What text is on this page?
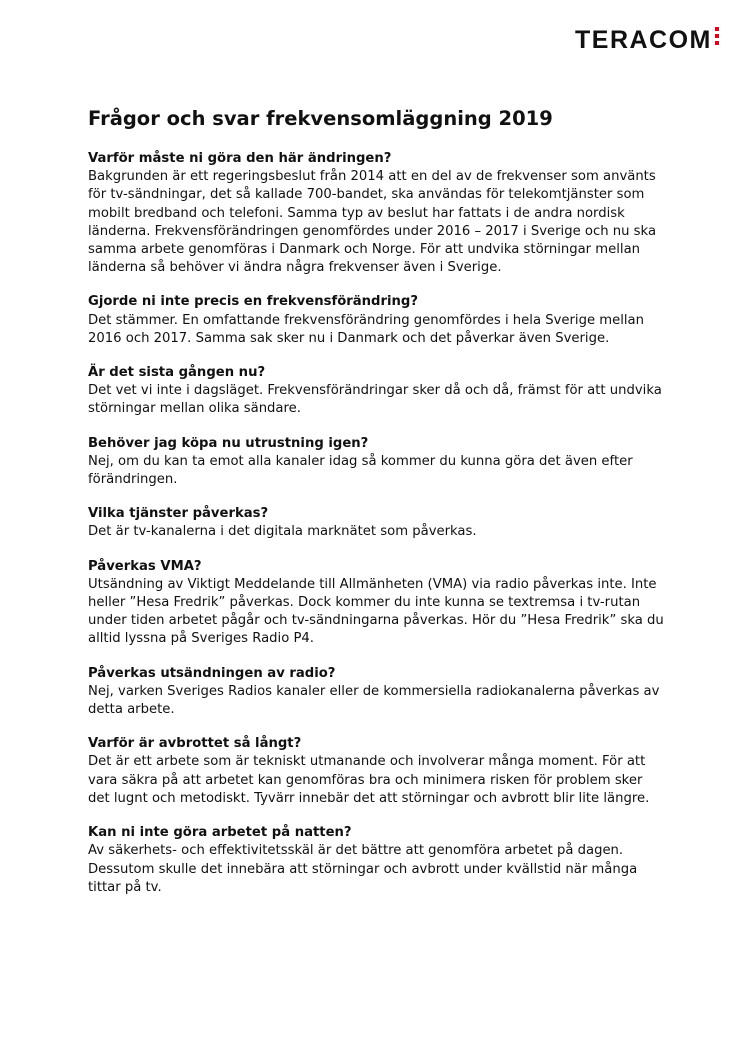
TERACOM
Frågor och svar frekvensomläggning 2019

Varför måste ni göra den här ändringen?

Bakgrunden är ett regeringsbeslut från 2014 att en del av de frekvenser som använts för tv-sändningar, det så kallade 700-bandet, ska användas för telekomtjänster som mobilt bredband och telefoni. Samma typ av beslut har fattats i de andra nordisk länderna. Frekvensförändringen genomfördes under 2016 – 2017 i Sverige och nu ska samma arbete genomföras i Danmark och Norge. För att undvika störningar mellan länderna så behöver vi ändra några frekvenser även i Sverige.

Gjorde ni inte precis en frekvensförändring?

Det stämmer. En omfattande frekvensförändring genomfördes i hela Sverige mellan 2016 och 2017. Samma sak sker nu i Danmark och det påverkar även Sverige.

Är det sista gången nu?

Det vet vi inte i dagsläget. Frekvensförändringar sker då och då, främst för att undvika störningar mellan olika sändare.

Behöver jag köpa nu utrustning igen?

Nej, om du kan ta emot alla kanaler idag så kommer du kunna göra det även efter förändringen.

Vilka tjänster påverkas?

Det är tv-kanalerna i det digitala marknätet som påverkas.

Påverkas VMA?

Utsändning av Viktigt Meddelande till Allmänheten (VMA) via radio påverkas inte. Inte heller ”Hesa Fredrik” påverkas. Dock kommer du inte kunna se textremsa i tv-rutan under tiden arbetet pågår och tv-sändningarna påverkas. Hör du ”Hesa Fredrik” ska du alltid lyssna på Sveriges Radio P4.

Påverkas utsändningen av radio?

Nej, varken Sveriges Radios kanaler eller de kommersiella radiokanalerna påverkas av detta arbete.

Varför är avbrottet så långt?

Det är ett arbete som är tekniskt utmanande och involverar många moment. För att vara säkra på att arbetet kan genomföras bra och minimera risken för problem sker det lugnt och metodiskt. Tyvärr innebär det att störningar och avbrott blir lite längre.

Kan ni inte göra arbetet på natten?

Av säkerhets- och effektivitetsskäl är det bättre att genomföra arbetet på dagen. Dessutom skulle det innebära att störningar och avbrott under kvällstid när många tittar på tv.
